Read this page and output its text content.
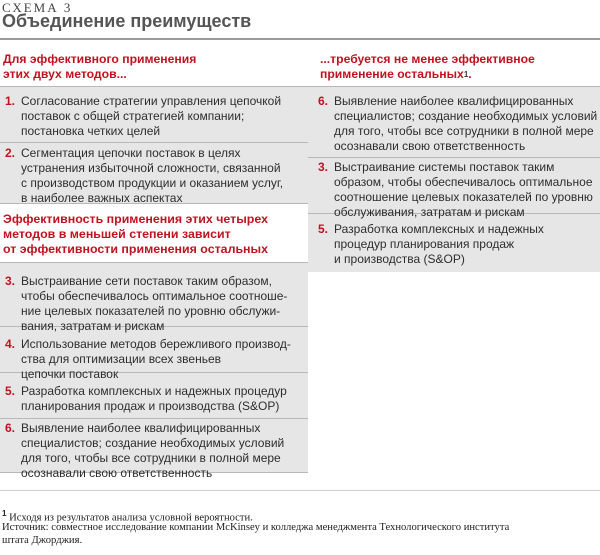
СХЕМА 3
Объединение преимуществ
Для эффективного применения
этих двух методов...
...требуется не менее эффективное
применение остальных$^1$.
1. Согласование стратегии управления цепочкой
поставок с общей стратегией компании;
постановка четких целей
2. Сегментация цепочки поставок в целях
устранения избыточной сложности, связанной
с производством продукции и оказанием услуг,
в наиболее важных аспектах
6. Выявление наиболее квалифицированных
специалистов; создание необходимых условий
для того, чтобы все сотрудники в полной мере
осознавали свою ответственность
3. Выстраивание системы поставок таким
образом, чтобы обеспечивалось оптимальное
соотношение целевых показателей по уровню
обслуживания, затратам и рискам
5. Разработка комплексных и надежных
процедур планирования продаж
и производства (S&OP)
Эффективность применения этих четырех
методов в меньшей степени зависит
от эффективности применения остальных
3. Выстраивание сети поставок таким образом,
чтобы обеспечивалось оптимальное соотноше-
ние целевых показателей по уровню обслужи-
вания, затратам и рискам
4. Использование методов бережливого производ-
ства для оптимизации всех звеньев
цепочки поставок
5. Разработка комплексных и надежных процедур
планирования продаж и производства (S&OP)
6. Выявление наиболее квалифицированных
специалистов; создание необходимых условий
для того, чтобы все сотрудники в полной мере
осознавали свою ответственность
$^1$ Исходя из результатов анализа условной вероятности.
Источник: совместное исследование компании McKinsey и колледжа менеджмента Технологического института
штата Джорджия.
